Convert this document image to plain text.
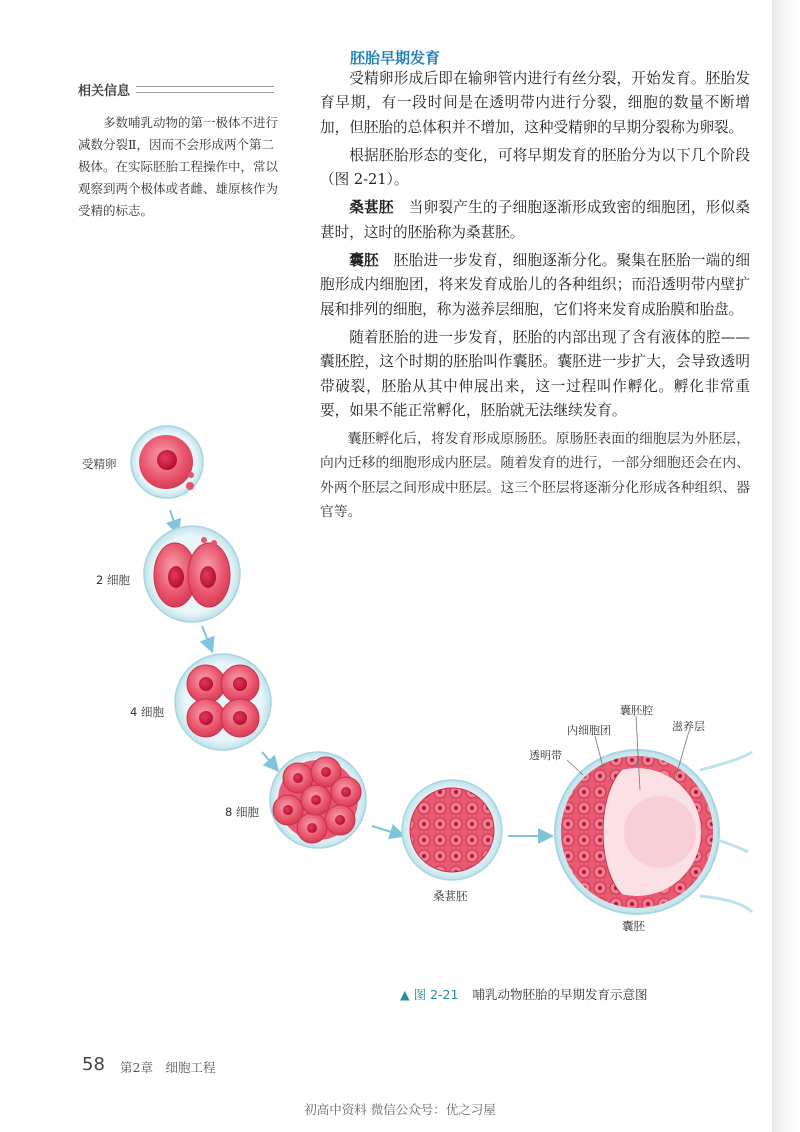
相关信息

多数哺乳动物的第一极体不进行减数分裂Ⅱ，因而不会形成两个第二极体。在实际胚胎工程操作中，常以观察到两个极体或者雌、雄原核作为受精的标志。

胚胎早期发育

受精卵形成后即在输卵管内进行有丝分裂，开始发育。胚胎发育早期，有一段时间是在透明带内进行分裂，细胞的数量不断增加，但胚胎的总体积并不增加，这种受精卵的早期分裂称为卵裂。

根据胚胎形态的变化，可将早期发育的胚胎分为以下几个阶段（图 2-21）。

桑葚胚　 当卵裂产生的子细胞逐渐形成致密的细胞团，形似桑葚时，这时的胚胎称为桑葚胚。

囊胚　 胚胎进一步发育，细胞逐渐分化。聚集在胚胎一端的细胞形成内细胞团，将来发育成胎儿的各种组织；而沿透明带内壁扩展和排列的细胞，称为滋养层细胞，它们将来发育成胎膜和胎盘。

随着胚胎的进一步发育，胚胎的内部出现了含有液体的腔——囊胚腔，这个时期的胚胎叫作囊胚。囊胚进一步扩大，会导致透明带破裂，胚胎从其中伸展出来，这一过程叫作孵化。孵化非常重要，如果不能正常孵化，胚胎就无法继续发育。

囊胚孵化后，将发育形成原肠胚。原肠胚表面的细胞层为外胚层，向内迁移的细胞形成内胚层。随着发育的进行，一部分细胞还会在内、外两个胚层之间形成中胚层。这三个胚层将逐渐分化形成各种组织、器官等。

受精卵
2 细胞
4 细胞
8 细胞
桑葚胚
囊胚
透明带
内细胞团
囊胚腔
滋养层
▲ 图 2-21 哺乳动物胚胎的早期发育示意图
58 第2章　细胞工程
初高中资料 微信公众号：优之习屋
